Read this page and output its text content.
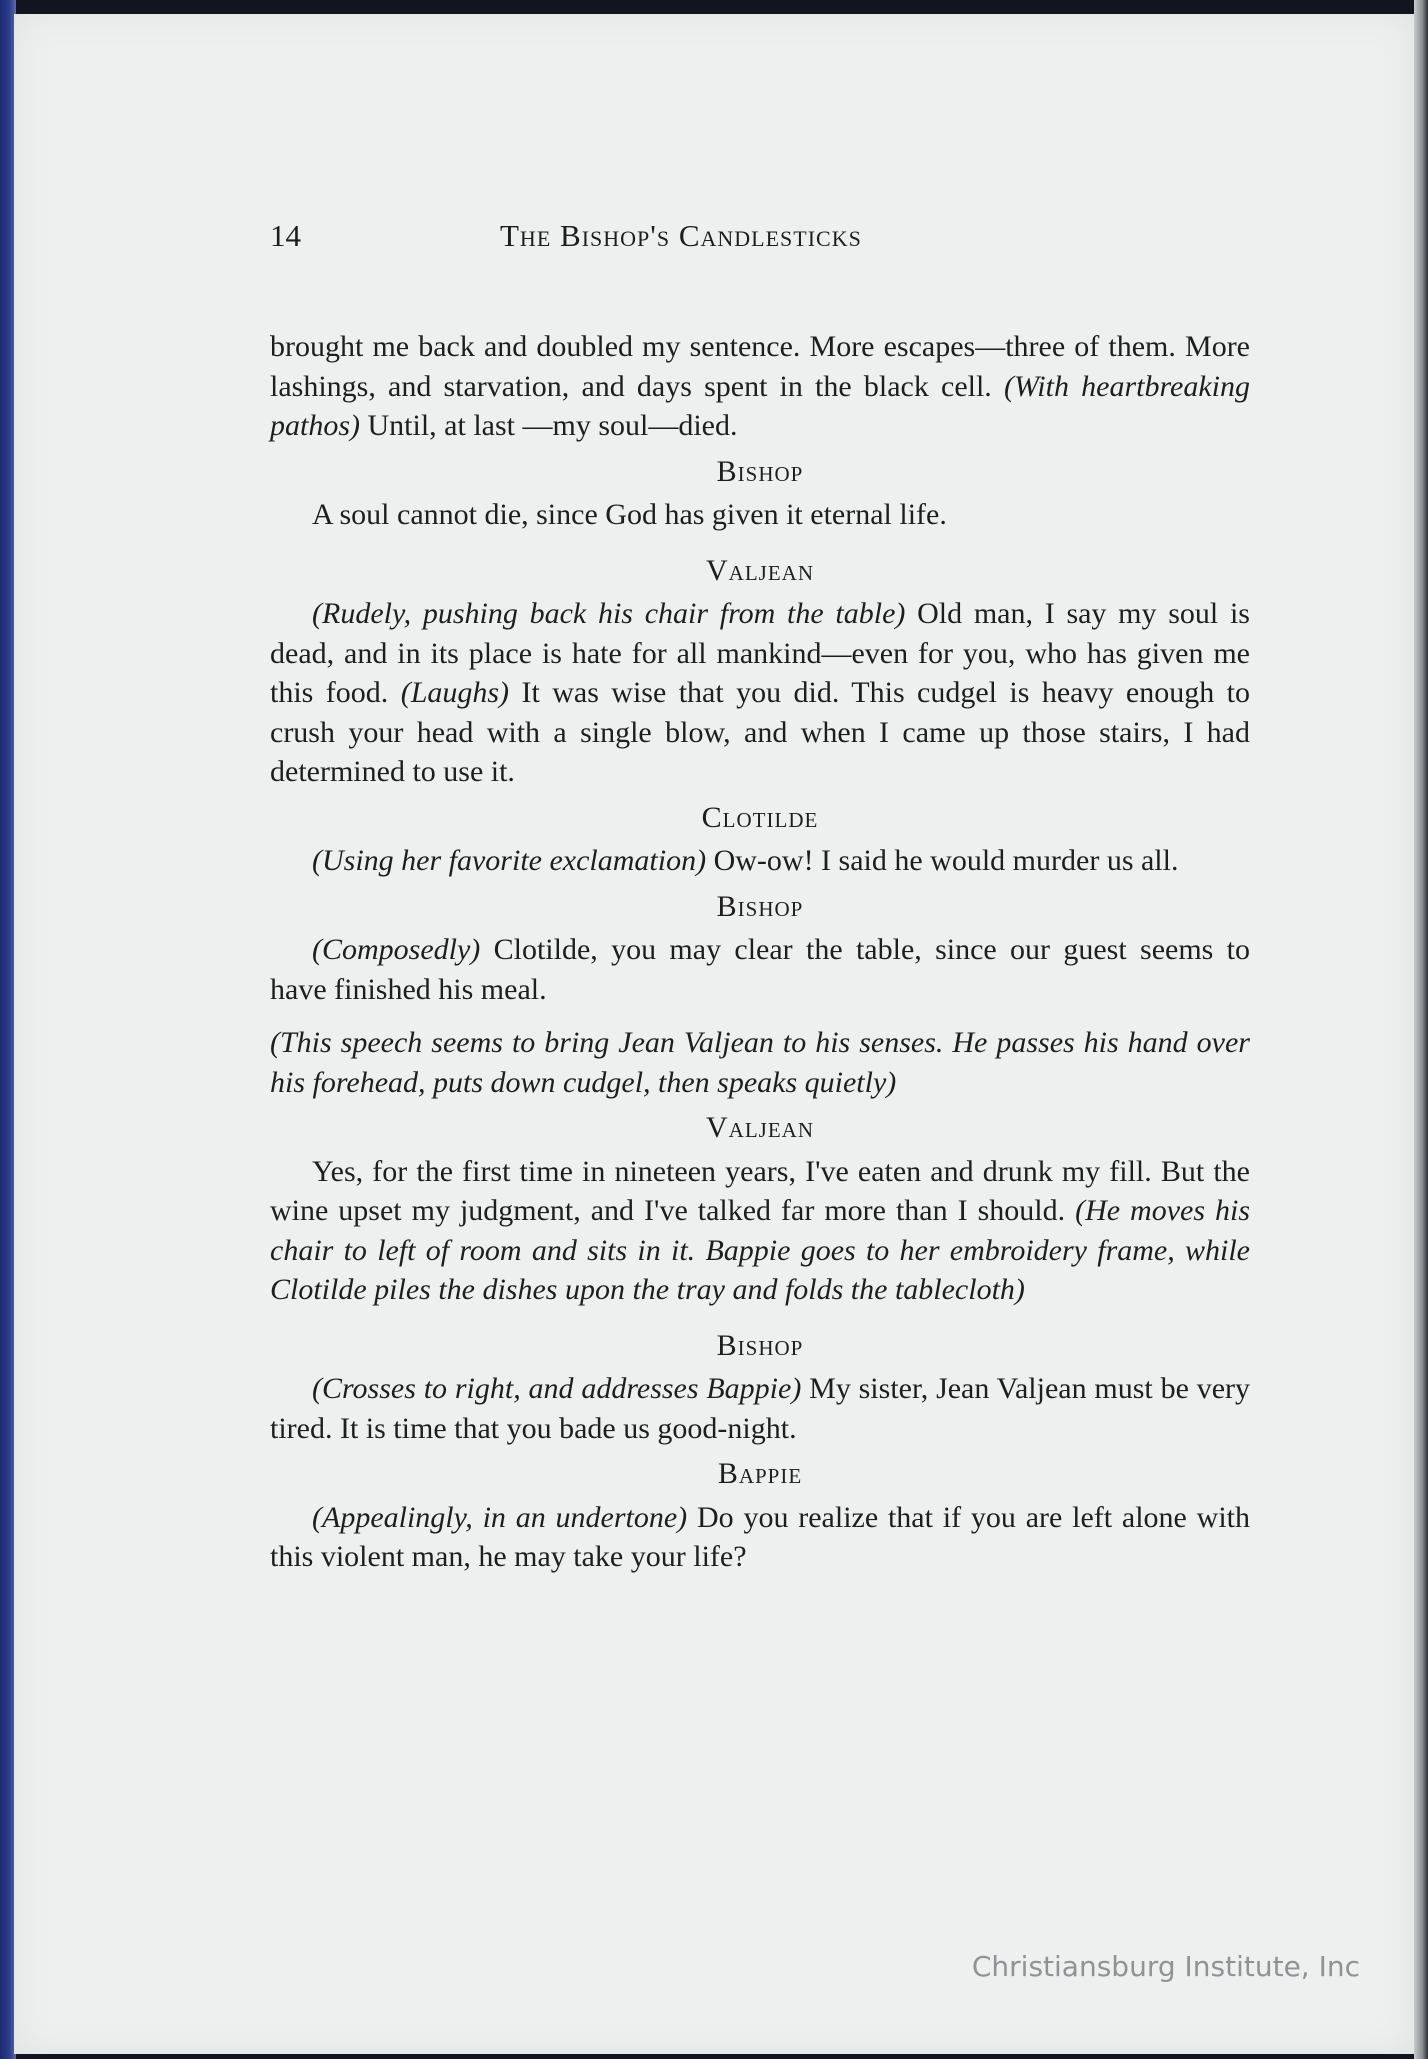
14	The Bishop's Candlesticks

brought me back and doubled my sentence. More escapes—three of them. More lashings, and starvation, and days spent in the black cell. (With heartbreaking pathos) Until, at last —my soul—died.

Bishop

A soul cannot die, since God has given it eternal life.

Valjean

(Rudely, pushing back his chair from the table) Old man, I say my soul is dead, and in its place is hate for all mankind—even for you, who has given me this food. (Laughs) It was wise that you did. This cudgel is heavy enough to crush your head with a single blow, and when I came up those stairs, I had determined to use it.

Clotilde

(Using her favorite exclamation) Ow-ow! I said he would murder us all.

Bishop

(Composedly) Clotilde, you may clear the table, since our guest seems to have finished his meal.

(This speech seems to bring Jean Valjean to his senses. He passes his hand over his forehead, puts down cudgel, then speaks quietly)

Valjean

Yes, for the first time in nineteen years, I've eaten and drunk my fill. But the wine upset my judgment, and I've talked far more than I should. (He moves his chair to left of room and sits in it. Bappie goes to her embroidery frame, while Clotilde piles the dishes upon the tray and folds the tablecloth)

Bishop

(Crosses to right, and addresses Bappie) My sister, Jean Valjean must be very tired. It is time that you bade us good-night.

Bappie

(Appealingly, in an undertone) Do you realize that if you are left alone with this violent man, he may take your life?

Christiansburg Institute, Inc
